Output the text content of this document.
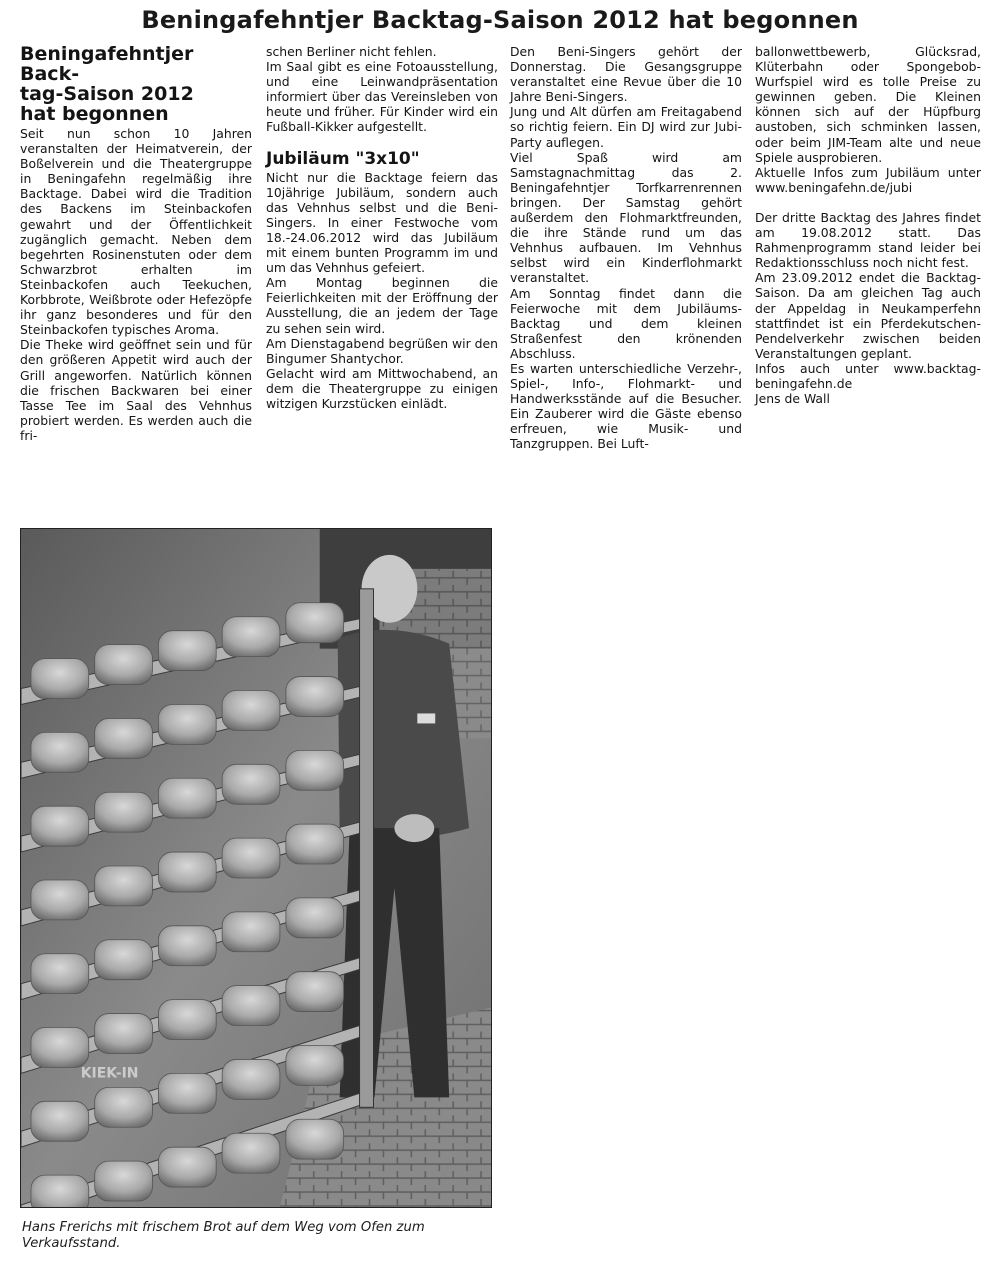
Beningafehntjer Backtag-Saison 2012 hat begonnen
Beningafehntjer Back-
tag-Saison 2012
hat begonnen

Seit nun schon 10 Jahren veranstalten der Heimatverein, der Boßelverein und die Theatergruppe in Beningafehn regelmäßig ihre Backtage. Dabei wird die Tradition des Backens im Steinbackofen gewahrt und der Öffentlichkeit zugänglich gemacht. Neben dem begehrten Rosinenstuten oder dem Schwarzbrot erhalten im Steinbackofen auch Teekuchen, Korbbrote, Weißbrote oder Hefezöpfe ihr ganz besonderes und für den Steinbackofen typisches Aroma.

Die Theke wird geöffnet sein und für den größeren Appetit wird auch der Grill angeworfen. Natürlich können die frischen Backwaren bei einer Tasse Tee im Saal des Vehnhus probiert werden. Es werden auch die fri-

schen Berliner nicht fehlen.

Im Saal gibt es eine Fotoausstellung, und eine Leinwandpräsentation informiert über das Vereinsleben von heute und früher. Für Kinder wird ein Fußball-Kikker aufgestellt.

Jubiläum "3x10"

Nicht nur die Backtage feiern das 10jährige Jubiläum, sondern auch das Vehnhus selbst und die Beni-Singers. In einer Festwoche vom 18.-24.06.2012 wird das Jubiläum mit einem bunten Programm im und um das Vehnhus gefeiert.

Am Montag beginnen die Feierlichkeiten mit der Eröffnung der Ausstellung, die an jedem der Tage zu sehen sein wird.

Am Dienstagabend begrüßen wir den Bingumer Shantychor.

Gelacht wird am Mittwochabend, an dem die Theatergruppe zu einigen witzigen Kurzstücken einlädt.

Den Beni-Singers gehört der Donnerstag. Die Gesangsgruppe veranstaltet eine Revue über die 10 Jahre Beni-Singers.

Jung und Alt dürfen am Freitagabend so richtig feiern. Ein DJ wird zur Jubi-Party auflegen.

Viel Spaß wird am Samstagnachmittag das 2. Beningafehntjer Torfkarrenrennen bringen. Der Samstag gehört außerdem den Flohmarktfreunden, die ihre Stände rund um das Vehnhus aufbauen. Im Vehnhus selbst wird ein Kinderflohmarkt veranstaltet.

Am Sonntag findet dann die Feierwoche mit dem Jubiläums-Backtag und dem kleinen Straßenfest den krönenden Abschluss.

Es warten unterschiedliche Verzehr-, Spiel-, Info-, Flohmarkt- und Handwerksstände auf die Besucher. Ein Zauberer wird die Gäste ebenso erfreuen, wie Musik- und Tanzgruppen. Bei Luft-

ballonwettbewerb, Glücksrad, Klüterbahn oder Spongebob-Wurfspiel wird es tolle Preise zu gewinnen geben. Die Kleinen können sich auf der Hüpfburg austoben, sich schminken lassen, oder beim JIM-Team alte und neue Spiele ausprobieren.

Aktuelle Infos zum Jubiläum unter www.beningafehn.de/jubi

Der dritte Backtag des Jahres findet am 19.08.2012 statt. Das Rahmenprogramm stand leider bei Redaktionsschluss noch nicht fest.

Am 23.09.2012 endet die Backtag-Saison. Da am gleichen Tag auch der Appeldag in Neukamperfehn stattfindet ist ein Pferdekutschen-Pendelverkehr zwischen beiden Veranstaltungen geplant.

Infos auch unter www.backtag-beningafehn.de

Jens de Wall

KIEK-IN
Hans Frerichs mit frischem Brot auf dem Weg vom Ofen zum Verkaufsstand.
